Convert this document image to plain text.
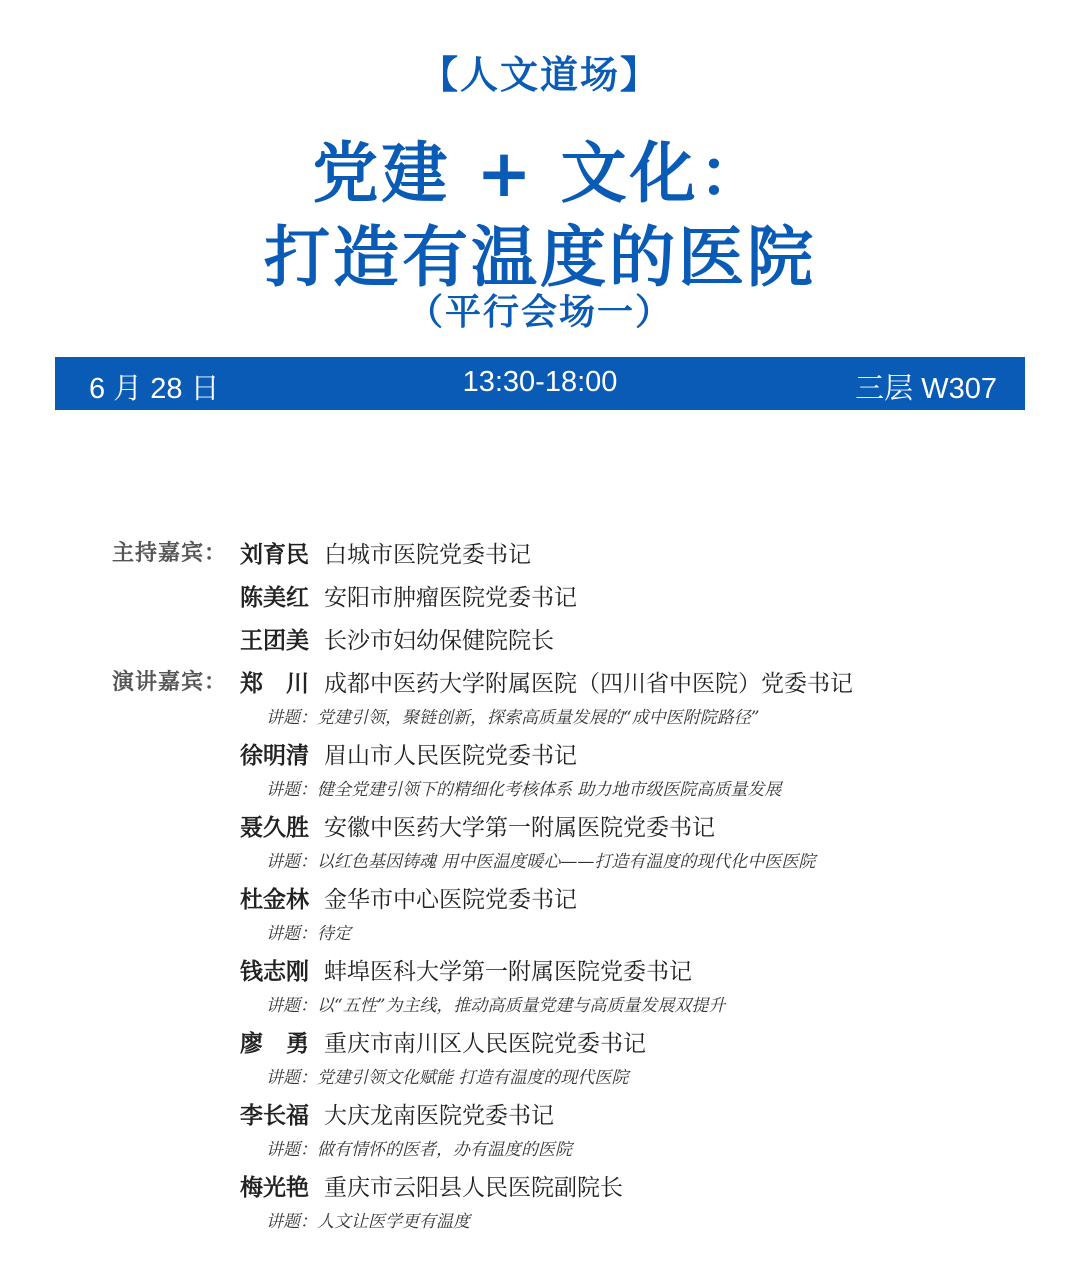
【人文道场】
党建 + 文化：
打造有温度的医院
（平行会场一）
6 月 28 日	13:30-18:00	三层 W307
主持嘉宾： 刘育民 白城市医院党委书记
陈美红 安阳市肿瘤医院党委书记
王团美 长沙市妇幼保健院院长
演讲嘉宾： 郑　川 成都中医药大学附属医院（四川省中医院）党委书记
讲题：党建引领，聚链创新，探索高质量发展的“成中医附院路径”
徐明清 眉山市人民医院党委书记
讲题：健全党建引领下的精细化考核体系 助力地市级医院高质量发展
聂久胜 安徽中医药大学第一附属医院党委书记
讲题：以红色基因铸魂 用中医温度暖心——打造有温度的现代化中医医院
杜金林 金华市中心医院党委书记
讲题：待定
钱志刚 蚌埠医科大学第一附属医院党委书记
讲题：以“五性”为主线，推动高质量党建与高质量发展双提升
廖　勇 重庆市南川区人民医院党委书记
讲题：党建引领文化赋能 打造有温度的现代医院
李长福 大庆龙南医院党委书记
讲题：做有情怀的医者，办有温度的医院
梅光艳 重庆市云阳县人民医院副院长
讲题：人文让医学更有温度
